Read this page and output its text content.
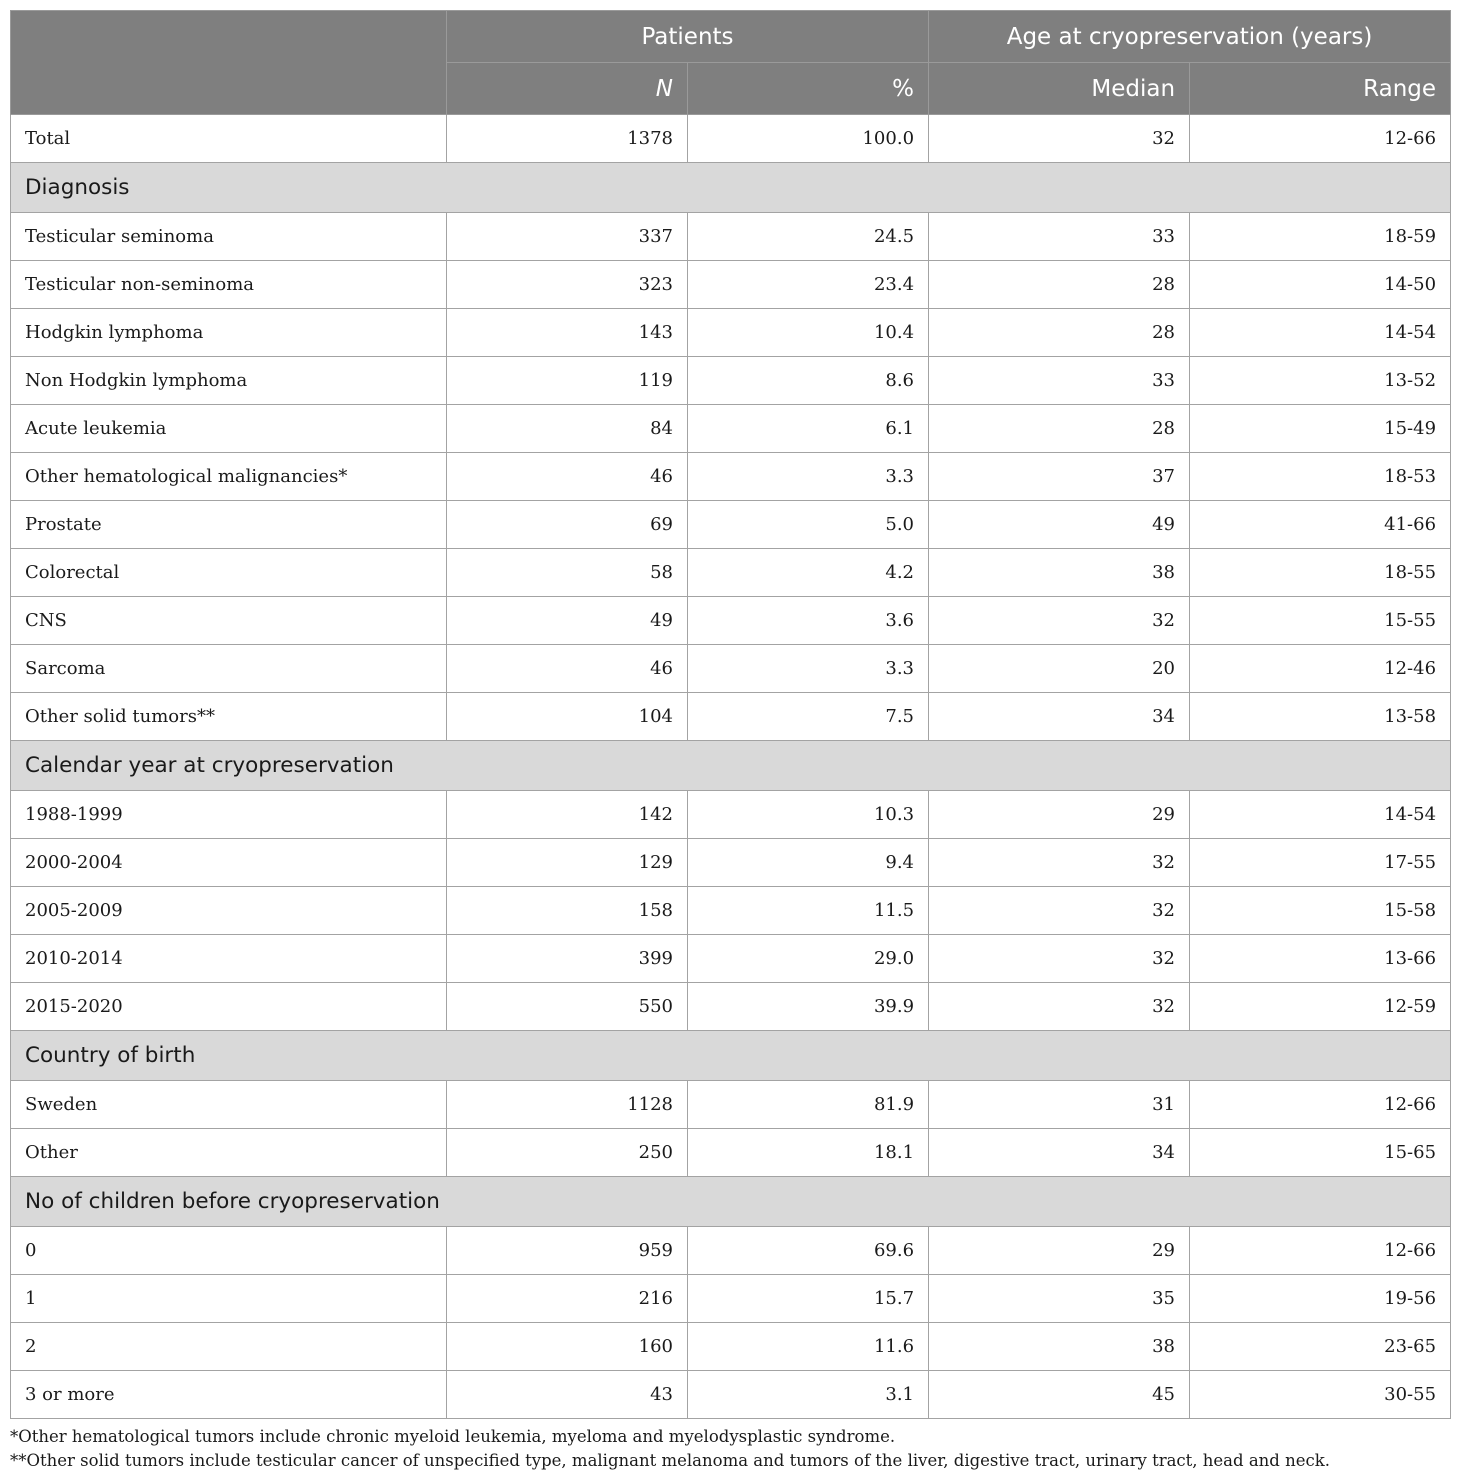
	Patients		Age at cryopreservation (years)	
	N	%	Median	Range
Total	1378	100.0	32	12-66
Diagnosis				
Testicular seminoma	337	24.5	33	18-59
Testicular non-seminoma	323	23.4	28	14-50
Hodgkin lymphoma	143	10.4	28	14-54
Non Hodgkin lymphoma	119	8.6	33	13-52
Acute leukemia	84	6.1	28	15-49
Other hematological malignancies*	46	3.3	37	18-53
Prostate	69	5.0	49	41-66
Colorectal	58	4.2	38	18-55
CNS	49	3.6	32	15-55
Sarcoma	46	3.3	20	12-46
Other solid tumors**	104	7.5	34	13-58
Calendar year at cryopreservation				
1988-1999	142	10.3	29	14-54
2000-2004	129	9.4	32	17-55
2005-2009	158	11.5	32	15-58
2010-2014	399	29.0	32	13-66
2015-2020	550	39.9	32	12-59
Country of birth				
Sweden	1128	81.9	31	12-66
Other	250	18.1	34	15-65
No of children before cryopreservation				
0	959	69.6	29	12-66
1	216	15.7	35	19-56
2	160	11.6	38	23-65
3 or more	43	3.1	45	30-55
*Other hematological tumors include chronic myeloid leukemia, myeloma and myelodysplastic syndrome.
**Other solid tumors include testicular cancer of unspecified type, malignant melanoma and tumors of the liver, digestive tract, urinary tract, head and neck.
